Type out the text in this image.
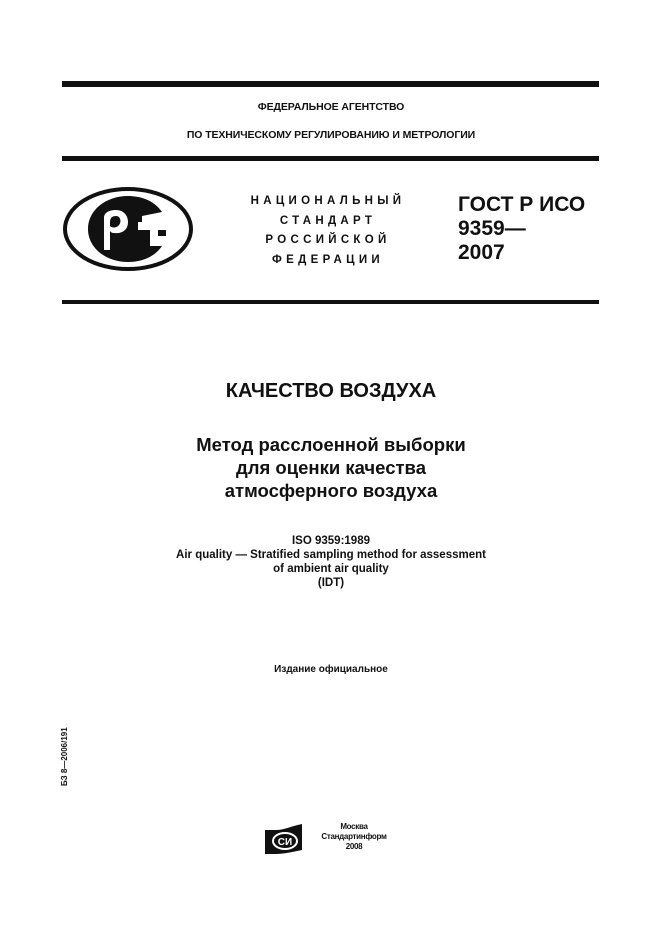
ФЕДЕРАЛЬНОЕ АГЕНТСТВО
ПО ТЕХНИЧЕСКОМУ РЕГУЛИРОВАНИЮ И МЕТРОЛОГИИ
НАЦИОНАЛЬНЫЙ
СТАНДАРТ
РОССИЙСКОЙ
ФЕДЕРАЦИИ
ГОСТ Р ИСО
9359—
2007
КАЧЕСТВО ВОЗДУХА
Метод расслоенной выборки
для оценки качества
атмосферного воздуха
ISO 9359:1989
Air quality — Stratified sampling method for assessment
of ambient air quality
(IDT)
Издание официальное
БЗ 8—2006/191
СИ
Москва
Стандартинформ
2008
